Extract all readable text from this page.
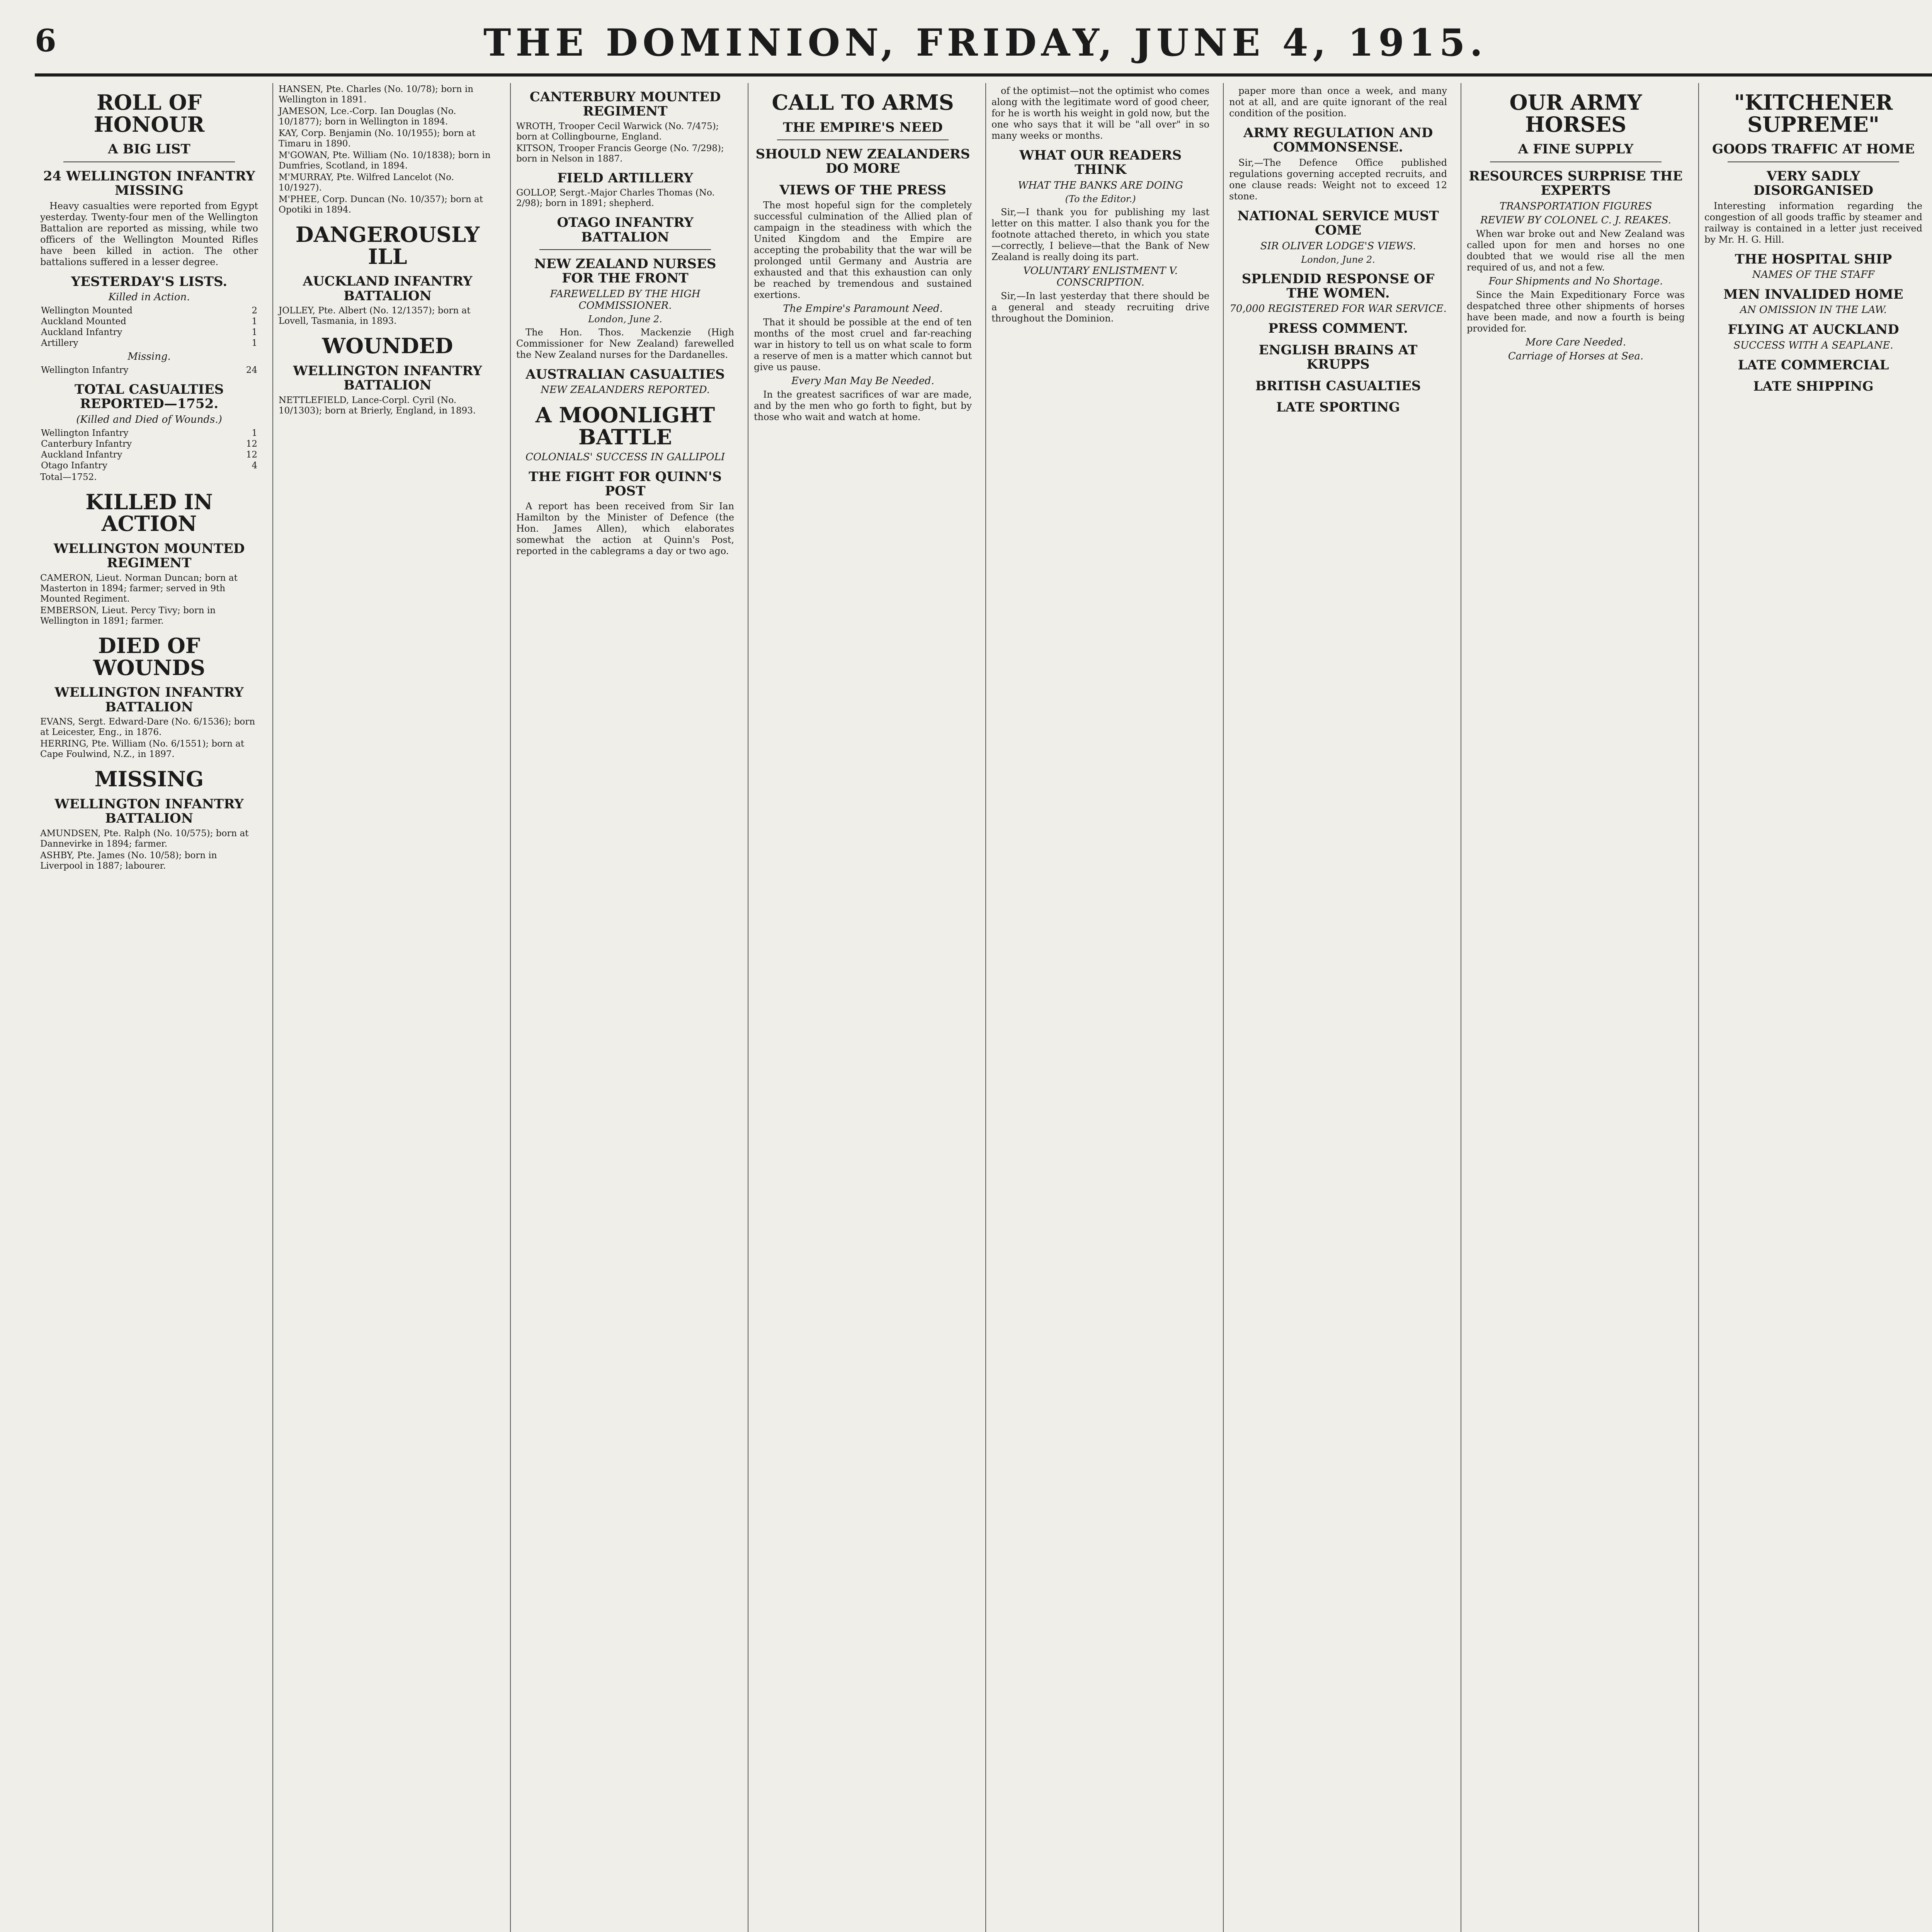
6	THE DOMINION, FRIDAY, JUNE 4, 1915.
ROLL OF HONOUR
A BIG LIST
24 WELLINGTON INFANTRY MISSING

Heavy casualties were reported from Egypt yesterday. Twenty-four men of the Wellington Battalion are reported as missing, while two officers of the Wellington Mounted Rifles have been killed in action. The other battalions suffered in a lesser degree.

YESTERDAY'S LISTS.
Killed in Action.
Wellington Mounted	2
Auckland Mounted	1
Auckland Infantry	1
Artillery	1
Missing.
Wellington Infantry	24
TOTAL CASUALTIES REPORTED—1752.
(Killed and Died of Wounds.)
Wellington Infantry	1
Canterbury Infantry	12
Auckland Infantry	12
Otago Infantry	4
Total—1752.
KILLED IN ACTION
WELLINGTON MOUNTED REGIMENT
CAMERON, Lieut. Norman Duncan; born at Masterton in 1894; farmer; served in 9th Mounted Regiment.
EMBERSON, Lieut. Percy Tivy; born in Wellington in 1891; farmer.
DIED OF WOUNDS
WELLINGTON INFANTRY BATTALION
EVANS, Sergt. Edward-Dare (No. 6/1536); born at Leicester, Eng., in 1876.
HERRING, Pte. William (No. 6/1551); born at Cape Foulwind, N.Z., in 1897.
MISSING
WELLINGTON INFANTRY BATTALION
AMUNDSEN, Pte. Ralph (No. 10/575); born at Dannevirke in 1894; farmer.
ASHBY, Pte. James (No. 10/58); born in Liverpool in 1887; labourer.
HANSEN, Pte. Charles (No. 10/78); born in Wellington in 1891.
JAMESON, Lce.-Corp. Ian Douglas (No. 10/1877); born in Wellington in 1894.
KAY, Corp. Benjamin (No. 10/1955); born at Timaru in 1890.
M'GOWAN, Pte. William (No. 10/1838); born in Dumfries, Scotland, in 1894.
M'MURRAY, Pte. Wilfred Lancelot (No. 10/1927).
M'PHEE, Corp. Duncan (No. 10/357); born at Opotiki in 1894.
DANGEROUSLY ILL
AUCKLAND INFANTRY BATTALION
JOLLEY, Pte. Albert (No. 12/1357); born at Lovell, Tasmania, in 1893.
WOUNDED
WELLINGTON INFANTRY BATTALION
NETTLEFIELD, Lance-Corpl. Cyril (No. 10/1303); born at Brierly, England, in 1893.
CANTERBURY MOUNTED REGIMENT
WROTH, Trooper Cecil Warwick (No. 7/475); born at Collingbourne, England.
KITSON, Trooper Francis George (No. 7/298); born in Nelson in 1887.
FIELD ARTILLERY
GOLLOP, Sergt.-Major Charles Thomas (No. 2/98); born in 1891; shepherd.
OTAGO INFANTRY BATTALION
NEW ZEALAND NURSES FOR THE FRONT
FAREWELLED BY THE HIGH COMMISSIONER.
London, June 2.

The Hon. Thos. Mackenzie (High Commissioner for New Zealand) farewelled the New Zealand nurses for the Dardanelles.

AUSTRALIAN CASUALTIES
NEW ZEALANDERS REPORTED.
A MOONLIGHT BATTLE
COLONIALS' SUCCESS IN GALLIPOLI
THE FIGHT FOR QUINN'S POST

A report has been received from Sir Ian Hamilton by the Minister of Defence (the Hon. James Allen), which elaborates somewhat the action at Quinn's Post, reported in the cablegrams a day or two ago.

CALL TO ARMS
THE EMPIRE'S NEED
SHOULD NEW ZEALANDERS DO MORE
VIEWS OF THE PRESS

The most hopeful sign for the completely successful culmination of the Allied plan of campaign in the steadiness with which the United Kingdom and the Empire are accepting the probability that the war will be prolonged until Germany and Austria are exhausted and that this exhaustion can only be reached by tremendous and sustained exertions.

The Empire's Paramount Need.

That it should be possible at the end of ten months of the most cruel and far-reaching war in history to tell us on what scale to form a reserve of men is a matter which cannot but give us pause.

Every Man May Be Needed.

In the greatest sacrifices of war are made, and by the men who go forth to fight, but by those who wait and watch at home.

of the optimist—not the optimist who comes along with the legitimate word of good cheer, for he is worth his weight in gold now, but the one who says that it will be "all over" in so many weeks or months.

WHAT OUR READERS THINK
WHAT THE BANKS ARE DOING
(To the Editor.)

Sir,—I thank you for publishing my last letter on this matter. I also thank you for the footnote attached thereto, in which you state—correctly, I believe—that the Bank of New Zealand is really doing its part.

VOLUNTARY ENLISTMENT V. CONSCRIPTION.

Sir,—In last yesterday that there should be a general and steady recruiting drive throughout the Dominion.

paper more than once a week, and many not at all, and are quite ignorant of the real condition of the position.

ARMY REGULATION AND COMMONSENSE.

Sir,—The Defence Office published regulations governing accepted recruits, and one clause reads: Weight not to exceed 12 stone.

NATIONAL SERVICE MUST COME
SIR OLIVER LODGE'S VIEWS.
London, June 2.
SPLENDID RESPONSE OF THE WOMEN.
70,000 REGISTERED FOR WAR SERVICE.
PRESS COMMENT.
ENGLISH BRAINS AT KRUPPS
BRITISH CASUALTIES
LATE SPORTING
OUR ARMY HORSES
A FINE SUPPLY
RESOURCES SURPRISE THE EXPERTS
TRANSPORTATION FIGURES
REVIEW BY COLONEL C. J. REAKES.

When war broke out and New Zealand was called upon for men and horses no one doubted that we would rise all the men required of us, and not a few.

Four Shipments and No Shortage.

Since the Main Expeditionary Force was despatched three other shipments of horses have been made, and now a fourth is being provided for.

More Care Needed.
Carriage of Horses at Sea.
"KITCHENER SUPREME"
GOODS TRAFFIC AT HOME
VERY SADLY DISORGANISED

Interesting information regarding the congestion of all goods traffic by steamer and railway is contained in a letter just received by Mr. H. G. Hill.

THE HOSPITAL SHIP
NAMES OF THE STAFF
MEN INVALIDED HOME
AN OMISSION IN THE LAW.
FLYING AT AUCKLAND
SUCCESS WITH A SEAPLANE.
LATE COMMERCIAL
LATE SHIPPING
